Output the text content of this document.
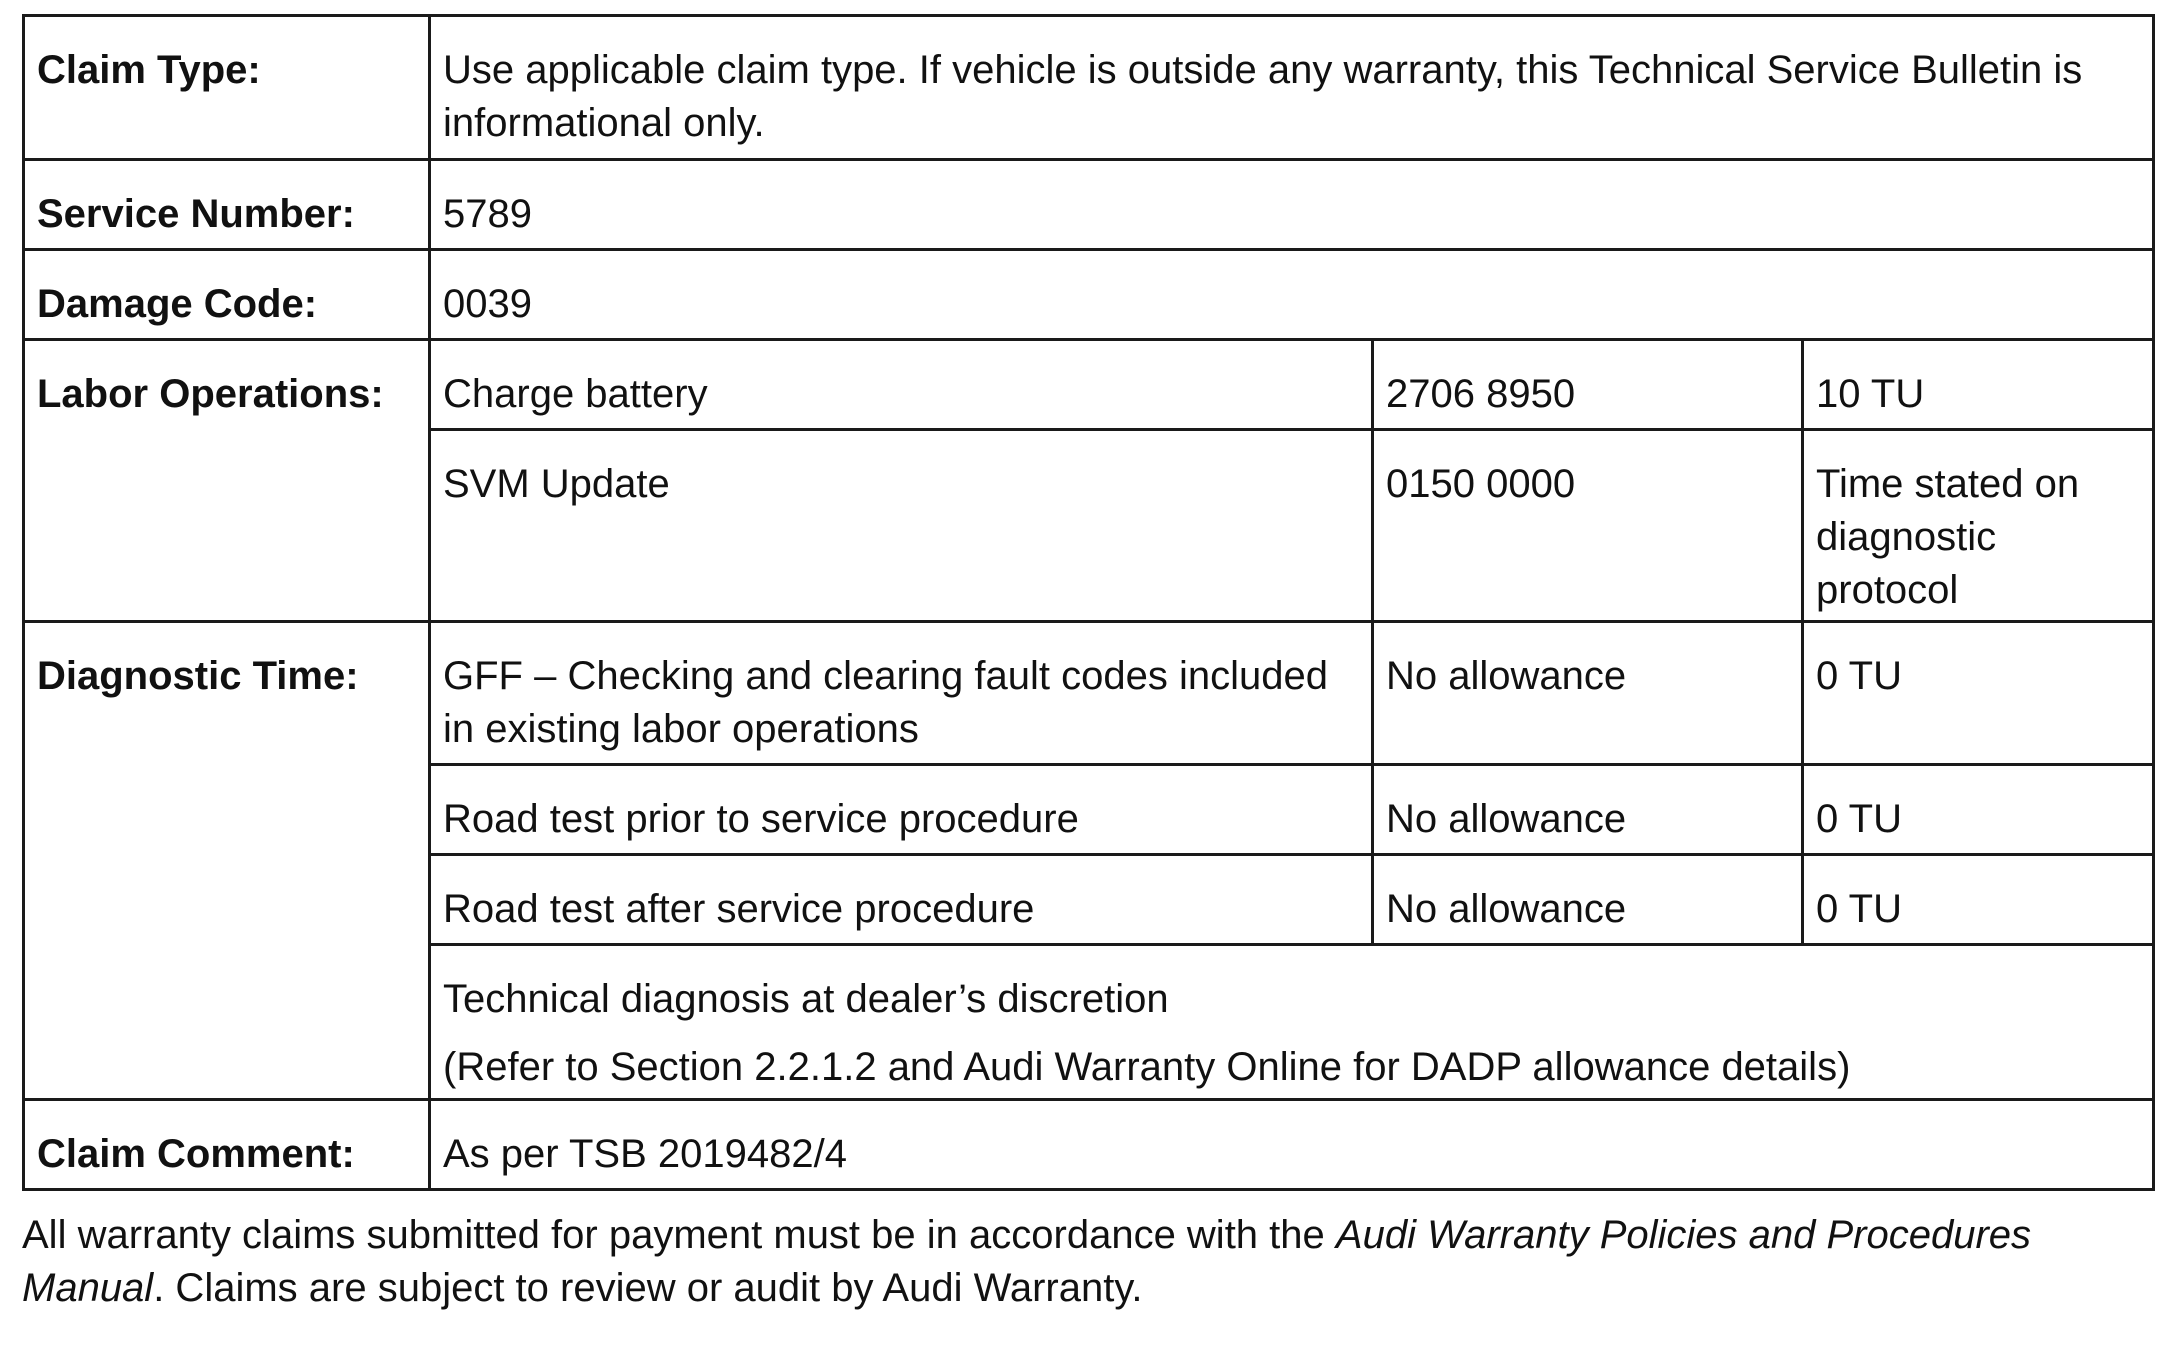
Claim Type:	Use applicable claim type. If vehicle is outside any warranty, this Technical Service Bulletin is informational only.		

Service Number:	5789		

Damage Code:	0039		

Labor Operations:	Charge battery	2706 8950	10 TU

	SVM Update	0150 0000	Time stated on diagnostic protocol

Diagnostic Time:	GFF – Checking and clearing fault codes included in existing labor operations	No allowance	0 TU

	Road test prior to service procedure	No allowance	0 TU

	Road test after service procedure	No allowance	0 TU

	Technical diagnosis at dealer’s discretion
(Refer to Section 2.2.1.2 and Audi Warranty Online for DADP allowance details)		

Claim Comment:	As per TSB 2019482/4		

All warranty claims submitted for payment must be in accordance with the Audi Warranty Policies and Procedures Manual. Claims are subject to review or audit by Audi Warranty.
